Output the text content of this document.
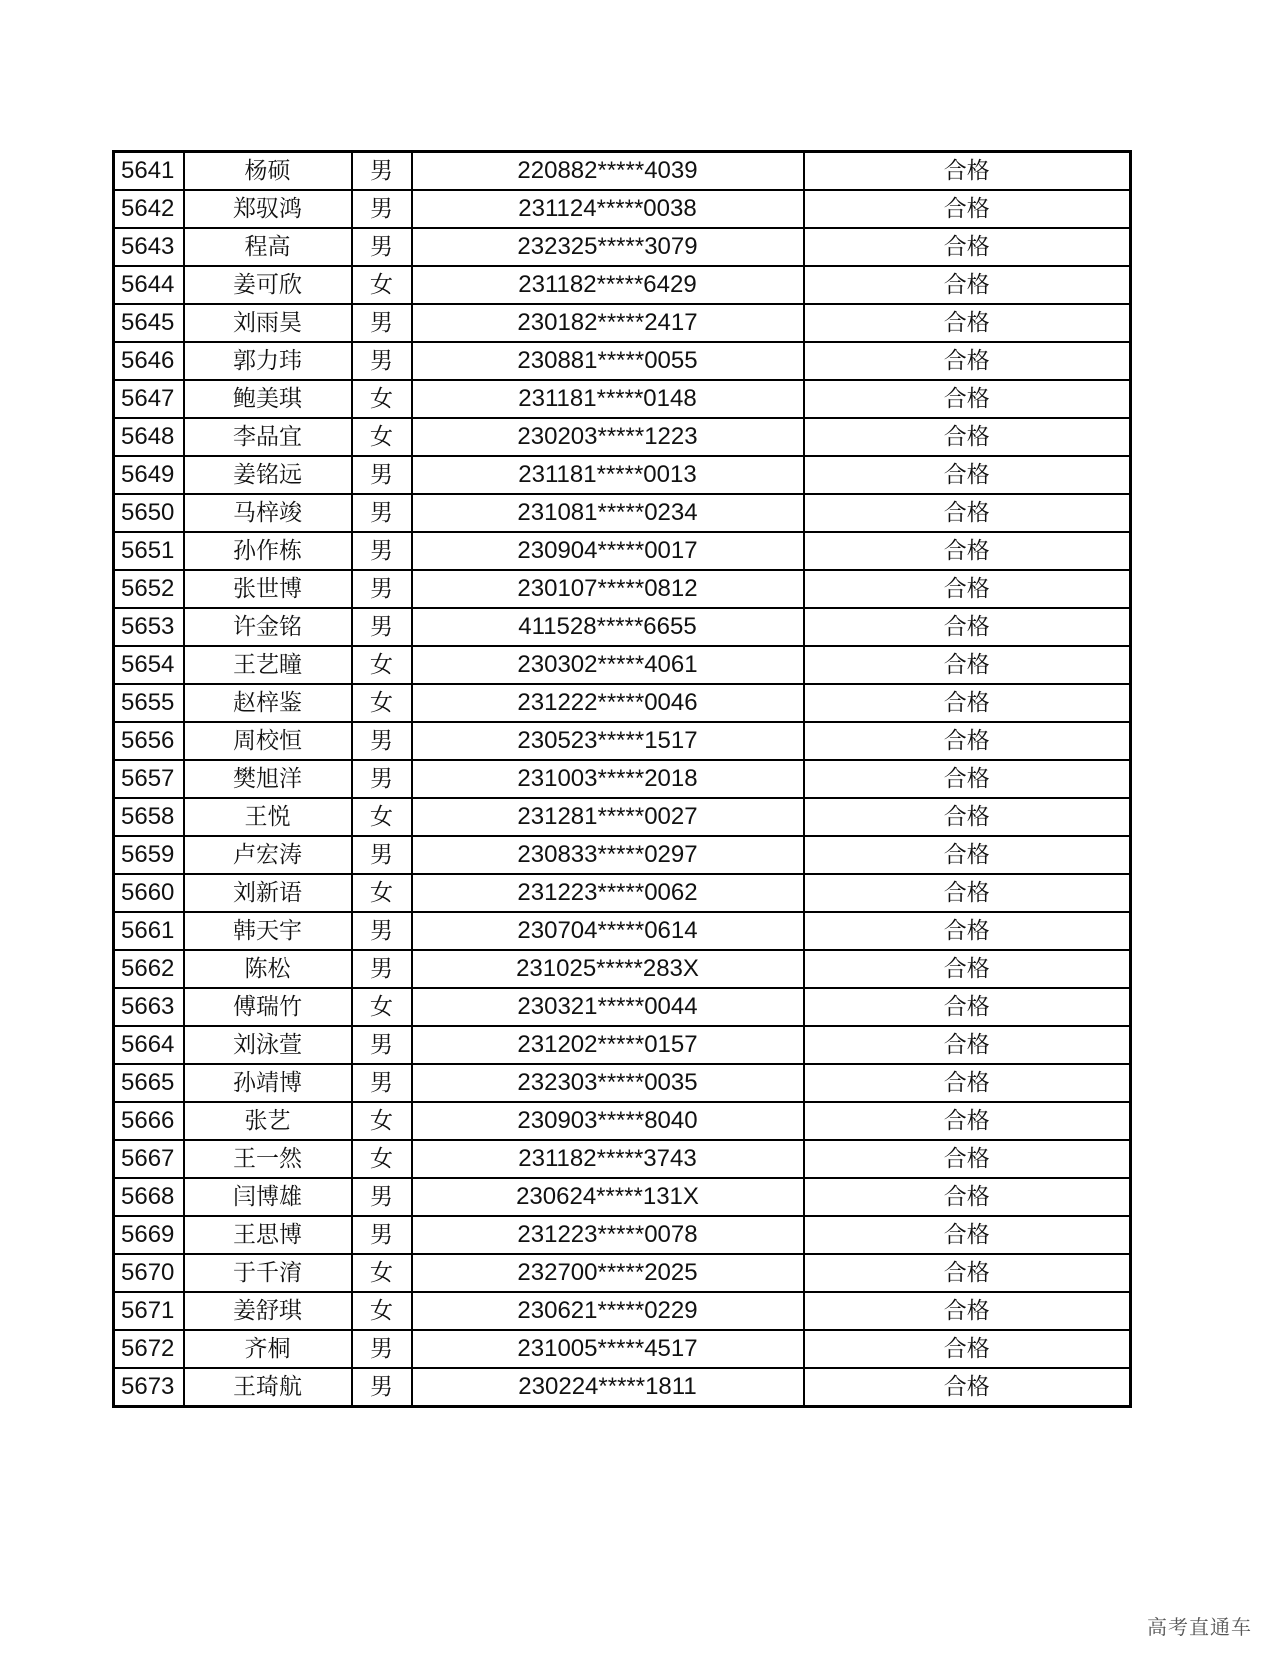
5641	杨硕	男	220882*****4039	合格
5642	郑驭鸿	男	231124*****0038	合格
5643	程高	男	232325*****3079	合格
5644	姜可欣	女	231182*****6429	合格
5645	刘雨昊	男	230182*****2417	合格
5646	郭力玮	男	230881*****0055	合格
5647	鲍美琪	女	231181*****0148	合格
5648	李品宜	女	230203*****1223	合格
5649	姜铭远	男	231181*****0013	合格
5650	马梓竣	男	231081*****0234	合格
5651	孙作栋	男	230904*****0017	合格
5652	张世博	男	230107*****0812	合格
5653	许金铭	男	411528*****6655	合格
5654	王艺瞳	女	230302*****4061	合格
5655	赵梓鉴	女	231222*****0046	合格
5656	周校恒	男	230523*****1517	合格
5657	樊旭洋	男	231003*****2018	合格
5658	王悦	女	231281*****0027	合格
5659	卢宏涛	男	230833*****0297	合格
5660	刘新语	女	231223*****0062	合格
5661	韩天宇	男	230704*****0614	合格
5662	陈松	男	231025*****283X	合格
5663	傅瑞竹	女	230321*****0044	合格
5664	刘泳萱	男	231202*****0157	合格
5665	孙靖博	男	232303*****0035	合格
5666	张艺	女	230903*****8040	合格
5667	王一然	女	231182*****3743	合格
5668	闫博雄	男	230624*****131X	合格
5669	王思博	男	231223*****0078	合格
5670	于千淯	女	232700*****2025	合格
5671	姜舒琪	女	230621*****0229	合格
5672	齐桐	男	231005*****4517	合格
5673	王琦航	男	230224*****1811	合格
高考直通车
